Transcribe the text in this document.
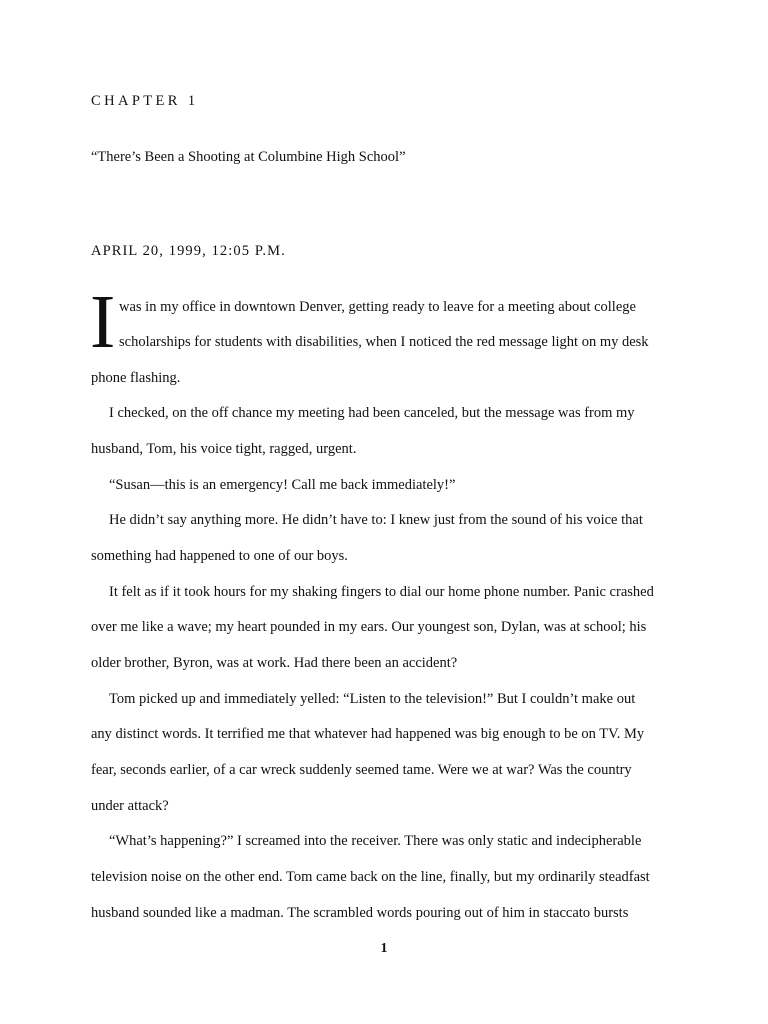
CHAPTER 1
“There’s Been a Shooting at Columbine High School”
APRIL 20, 1999, 12:05 P.M.
I was in my office in downtown Denver, getting ready to leave for a meeting about college
scholarships for students with disabilities, when I noticed the red message light on my desk
phone flashing.
I checked, on the off chance my meeting had been canceled, but the message was from my
husband, Tom, his voice tight, ragged, urgent.
“Susan—this is an emergency! Call me back immediately!”
He didn’t say anything more. He didn’t have to: I knew just from the sound of his voice that
something had happened to one of our boys.
It felt as if it took hours for my shaking fingers to dial our home phone number. Panic crashed
over me like a wave; my heart pounded in my ears. Our youngest son, Dylan, was at school; his
older brother, Byron, was at work. Had there been an accident?
Tom picked up and immediately yelled: “Listen to the television!” But I couldn’t make out
any distinct words. It terrified me that whatever had happened was big enough to be on TV. My
fear, seconds earlier, of a car wreck suddenly seemed tame. Were we at war? Was the country
under attack?
“What’s happening?” I screamed into the receiver. There was only static and indecipherable
television noise on the other end. Tom came back on the line, finally, but my ordinarily steadfast
husband sounded like a madman. The scrambled words pouring out of him in staccato bursts
1
